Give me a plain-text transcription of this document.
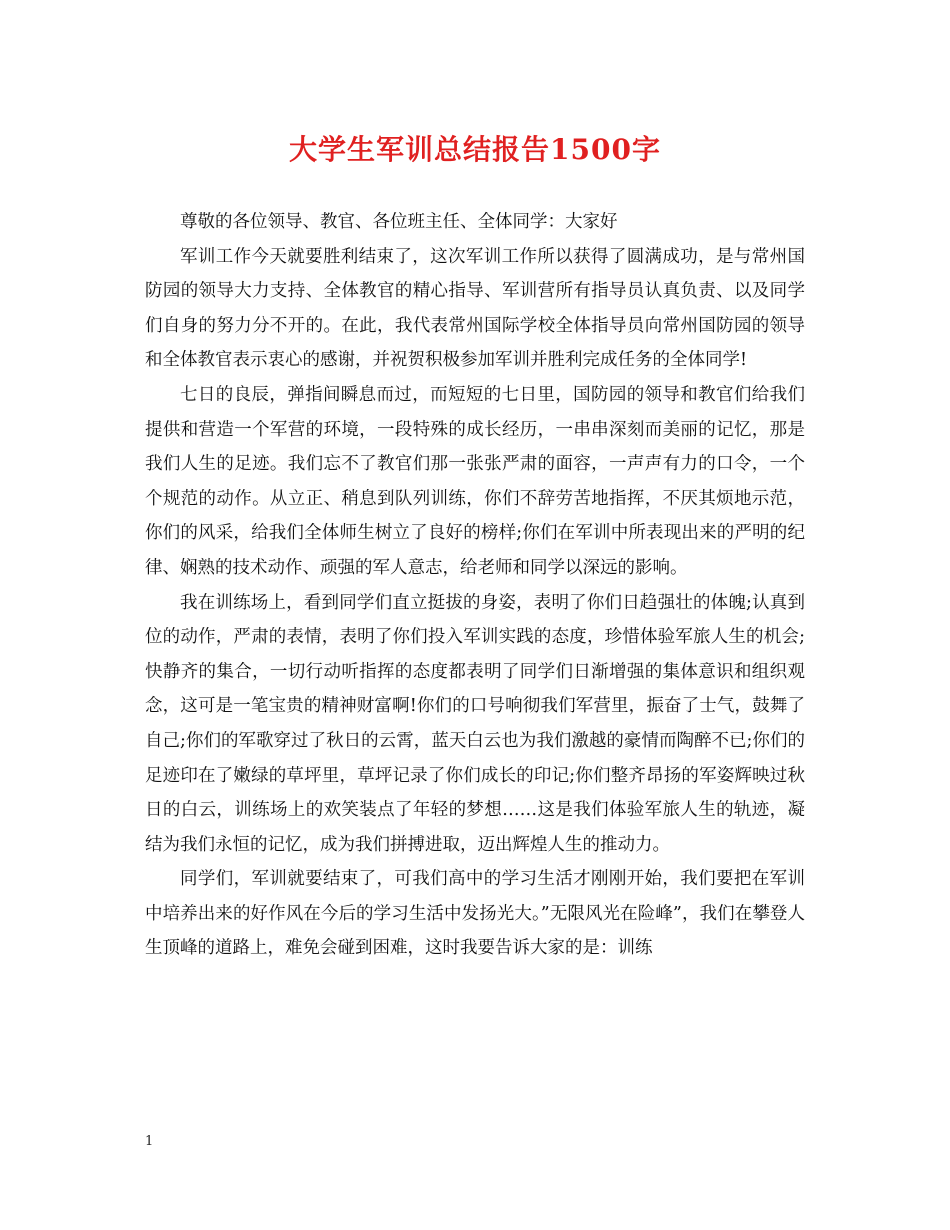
大学生军训总结报告1500字

尊敬的各位领导、教官、各位班主任、全体同学：大家好

军训工作今天就要胜利结束了，这次军训工作所以获得了圆满成功，是与常州国防园的领导大力支持、全体教官的精心指导、军训营所有指导员认真负责、以及同学们自身的努力分不开的。在此，我代表常州国际学校全体指导员向常州国防园的领导和全体教官表示衷心的感谢，并祝贺积极参加军训并胜利完成任务的全体同学!

七日的良辰，弹指间瞬息而过，而短短的七日里，国防园的领导和教官们给我们提供和营造一个军营的环境，一段特殊的成长经历，一串串深刻而美丽的记忆，那是我们人生的足迹。我们忘不了教官们那一张张严肃的面容，一声声有力的口令，一个个规范的动作。从立正、稍息到队列训练，你们不辞劳苦地指挥，不厌其烦地示范，你们的风采，给我们全体师生树立了良好的榜样;你们在军训中所表现出来的严明的纪律、娴熟的技术动作、顽强的军人意志，给老师和同学以深远的影响。

我在训练场上，看到同学们直立挺拔的身姿，表明了你们日趋强壮的体魄;认真到位的动作，严肃的表情，表明了你们投入军训实践的态度，珍惜体验军旅人生的机会;快静齐的集合，一切行动听指挥的态度都表明了同学们日渐增强的集体意识和组织观念，这可是一笔宝贵的精神财富啊!你们的口号响彻我们军营里，振奋了士气，鼓舞了自己;你们的军歌穿过了秋日的云霄，蓝天白云也为我们激越的豪情而陶醉不已;你们的足迹印在了嫩绿的草坪里，草坪记录了你们成长的印记;你们整齐昂扬的军姿辉映过秋日的白云，训练场上的欢笑装点了年轻的梦想……这是我们体验军旅人生的轨迹，凝结为我们永恒的记忆，成为我们拼搏进取，迈出辉煌人生的推动力。

同学们，军训就要结束了，可我们高中的学习生活才刚刚开始，我们要把在军训中培养出来的好作风在今后的学习生活中发扬光大。”无限风光在险峰”，我们在攀登人生顶峰的道路上，难免会碰到困难，这时我要告诉大家的是：训练

1
